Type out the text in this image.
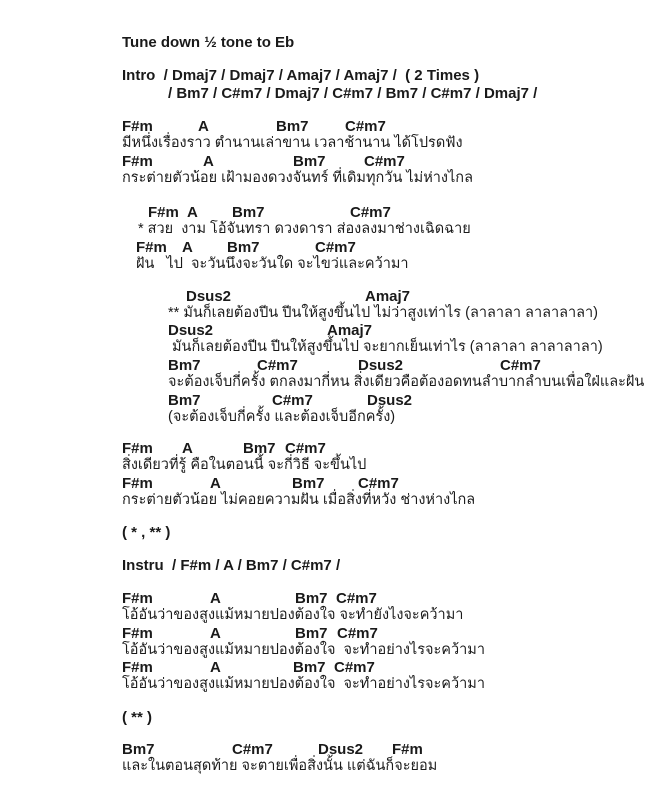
Tune down ½ tone to Eb
Intro  / Dmaj7 / Dmaj7 / Amaj7 / Amaj7 /  ( 2 Times )
/ Bm7 / C#m7 / Dmaj7 / C#m7 / Bm7 / C#m7 / Dmaj7 /
F#m	A	Bm7 C#m7
มีหนึ่งเรื่องราว ตำนานเล่าขาน เวลาช้านาน ได้โปรดฟัง
F#m	A	Bm7	C#m7
กระต่ายตัวน้อย เฝ้ามองดวงจันทร์ ที่เดิมทุกวัน ไม่ห่างไกล
F#m A Bm7	C#m7
* สวย  งาม โอ้จันทรา ดวงดารา ส่องลงมาช่างเฉิดฉาย
F#m A Bm7	C#m7
ฝัน   ไป  จะวันนึงจะวันใด จะไขว่และคว้ามา
Dsus2	Amaj7
** มันก็เลยต้องปีน ปีนให้สูงขึ้นไป ไม่ว่าสูงเท่าไร (ลาลาลา ลาลาลาลา)
Dsus2	Amaj7
มันก็เลยต้องปีน ปีนให้สูงขึ้นไป จะยากเย็นเท่าไร (ลาลาลา ลาลาลาลา)
Bm7	C#m7	Dsus2	C#m7
จะต้องเจ็บกี่ครั้ง ตกลงมากี่หน สิ่งเดียวคือต้องอดทนลำบากลำบนเพื่อใฝ่และฝัน
Bm7	C#m7	Dsus2
(จะต้องเจ็บกี่ครั้ง และต้องเจ็บอีกครั้ง)
F#m A	Bm7 C#m7
สิ่งเดียวที่รู้ คือในตอนนี้ จะกี่วิธี จะขึ้นไป
F#m	A	Bm7 C#m7
กระต่ายตัวน้อย ไม่คอยความฝัน เมื่อสิ่งที่หวัง ช่างห่างไกล
( * , ** )
Instru  / F#m / A / Bm7 / C#m7 /
F#m	A	Bm7 C#m7
โอ้อันว่าของสูงแม้หมายปองต้องใจ จะทำยังไงจะคว้ามา
F#m	A	Bm7 C#m7
โอ้อันว่าของสูงแม้หมายปองต้องใจ  จะทำอย่างไรจะคว้ามา
F#m	A	Bm7 C#m7
โอ้อันว่าของสูงแม้หมายปองต้องใจ  จะทำอย่างไรจะคว้ามา
( ** )
Bm7	C#m7	Dsus2 F#m
และในตอนสุดท้าย จะตายเพื่อสิ่งนั้น แต่ฉันก็จะยอม
